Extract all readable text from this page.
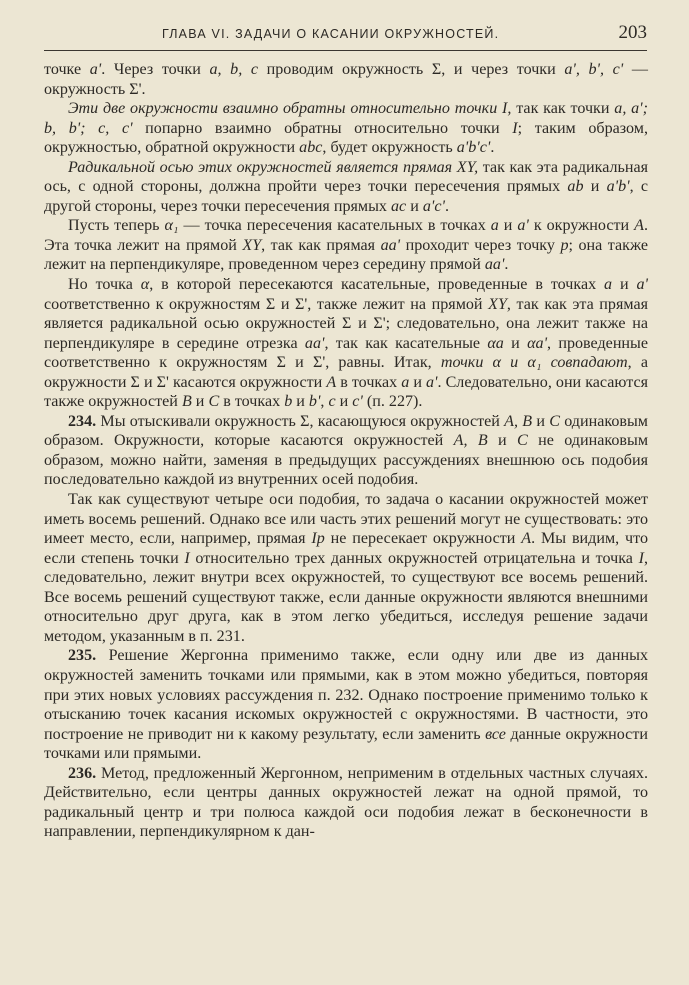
ГЛАВА VI. ЗАДАЧИ О КАСАНИИ ОКРУЖНОСТЕЙ.	203

точке a'. Через точки a, b, c проводим окружность Σ, и через точки a', b', c' — окружность Σ'.

Эти две окружности взаимно обратны относительно точки I, так как точки a, a'; b, b'; c, c' попарно взаимно обратны относительно точки I; таким образом, окружностью, обратной окружности abc, будет окружность a'b'c'.

Радикальной осью этих окружностей является прямая XY, так как эта радикальная ось, с одной стороны, должна пройти через точки пересечения прямых ab и a'b', с другой стороны, через точки пересечения прямых ac и a'c'.

Пусть теперь α₁ — точка пересечения касательных в точках a и a' к окружности A. Эта точка лежит на прямой XY, так как прямая aa' проходит через точку p; она также лежит на перпендикуляре, проведенном через середину прямой aa'.

Но точка α, в которой пересекаются касательные, проведенные в точках a и a' соответственно к окружностям Σ и Σ', также лежит на прямой XY, так как эта прямая является радикальной осью окружностей Σ и Σ'; следовательно, она лежит также на перпендикуляре в середине отрезка aa', так как касательные αa и αa', проведенные соответственно к окружностям Σ и Σ', равны. Итак, точки α и α₁ совпадают, а окружности Σ и Σ' касаются окружности A в точках a и a'. Следовательно, они касаются также окружностей B и C в точках b и b', c и c' (п. 227).

234. Мы отыскивали окружность Σ, касающуюся окружностей A, B и C одинаковым образом. Окружности, которые касаются окружностей A, B и C не одинаковым образом, можно найти, заменяя в предыдущих рассуждениях внешнюю ось подобия последовательно каждой из внутренних осей подобия.

Так как существуют четыре оси подобия, то задача о касании окружностей может иметь восемь решений. Однако все или часть этих решений могут не существовать: это имеет место, если, например, прямая Ip не пересекает окружности A. Мы видим, что если степень точки I относительно трех данных окружностей отрицательна и точка I, следовательно, лежит внутри всех окружностей, то существуют все восемь решений. Все восемь решений существуют также, если данные окружности являются внешними относительно друг друга, как в этом легко убедиться, исследуя решение задачи методом, указанным в п. 231.

235. Решение Жергонна применимо также, если одну или две из данных окружностей заменить точками или прямыми, как в этом можно убедиться, повторяя при этих новых условиях рассуждения п. 232. Однако построение применимо только к отысканию точек касания искомых окружностей с окружностями. В частности, это построение не приводит ни к какому результату, если заменить все данные окружности точками или прямыми.

236. Метод, предложенный Жергонном, неприменим в отдельных частных случаях. Действительно, если центры данных окружностей лежат на одной прямой, то радикальный центр и три полюса каждой оси подобия лежат в бесконечности в направлении, перпендикулярном к дан-
